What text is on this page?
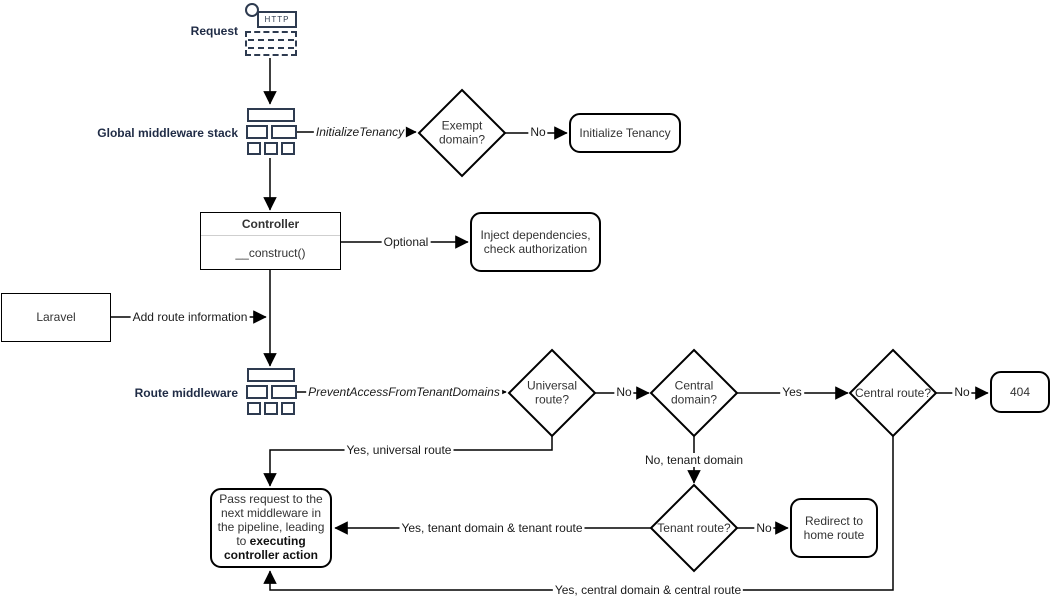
HTTP
Request
Global middleware stack
Controller
__construct()
Laravel
Route middleware
Initialize Tenancy
Inject dependencies, check authorization
404
Redirect to home route
Pass request to the next middleware in the pipeline, leading to executing controller action
Exempt domain?
Universal route?
Central domain?
Central route?
Tenant route?
InitializeTenancy	No
Optional
Add route information
PreventAccessFromTenantDomains	No	Yes	No
Yes, universal route
No, tenant domain
Yes, tenant domain & tenant route	No
Yes, central domain & central route
